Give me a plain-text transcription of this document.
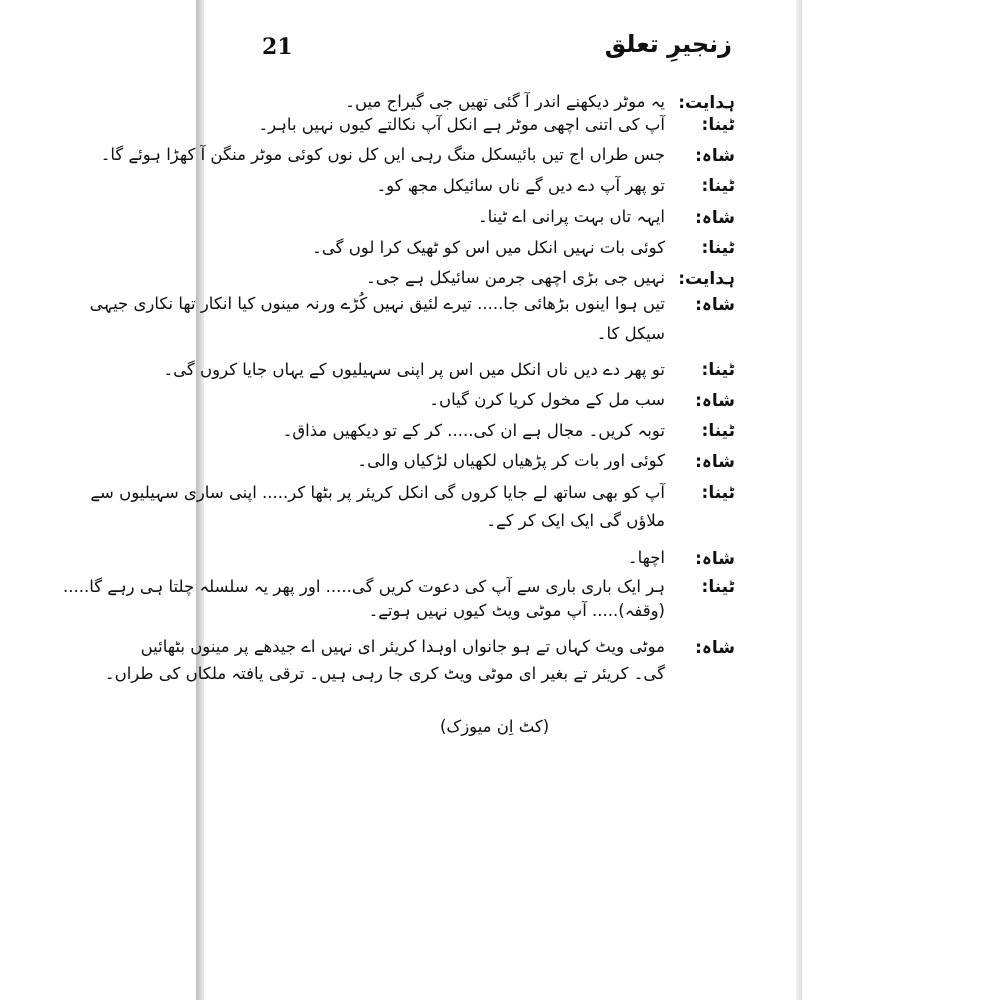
زنجیرِ تعلق
21
ہدایت:
یہ موٹر دیکھنے اندر آ گئی تھیں جی گیراج میں۔
ٹینا:
آپ کی اتنی اچھی موٹر ہے انکل آپ نکالتے کیوں نہیں باہر۔
شاہ:
جس طراں اج تیں بائیسکل منگ رہی ایں کل نوں کوئی موٹر منگن آ کھڑا ہوئے گا۔
ٹینا:
تو پھر آپ دے دیں گے ناں سائیکل مجھ کو۔
شاہ:
ایہہ تاں بہت پرانی اے ٹینا۔
ٹینا:
کوئی بات نہیں انکل میں اس کو ٹھیک کرا لوں گی۔
ہدایت:
نہیں جی بڑی اچھی جرمن سائیکل ہے جی۔
شاہ:
تیں ہوا اینوں بڑھائی جا..... تیرے لئیق نہیں کُڑے ورنہ مینوں کیا انکار تھا نکاری جیہی
سیکل کا۔
ٹینا:
تو پھر دے دیں ناں انکل میں اس پر اپنی سہیلیوں کے یہاں جایا کروں گی۔
شاہ:
سب مل کے مخول کریا کرن گیاں۔
ٹینا:
توبہ کریں۔ مجال ہے ان کی..... کر کے تو دیکھیں مذاق۔
شاہ:
کوئی اور بات کر پڑھیاں لکھیاں لڑکیاں والی۔
ٹینا:
آپ کو بھی ساتھ لے جایا کروں گی انکل کریئر پر بٹھا کر..... اپنی ساری سہیلیوں سے
ملاؤں گی ایک ایک کر کے۔
شاہ:
اچھا۔
ٹینا:
ہر ایک باری باری سے آپ کی دعوت کریں گی..... اور پھر یہ سلسلہ چلتا ہی رہے گا.....
(وقفہ)..... آپ موٹی ویٹ کیوں نہیں ہوتے۔
شاہ:
موٹی ویٹ کہاں تے ہو جانواں اوہدا کریئر ای نہیں اے جیدھے پر مینوں بٹھائیں
گی۔ کریئر تے بغیر ای موٹی ویٹ کری جا رہی ہیں۔ ترقی یافتہ ملکاں کی طراں۔
(کٹ اِن میوزک)
